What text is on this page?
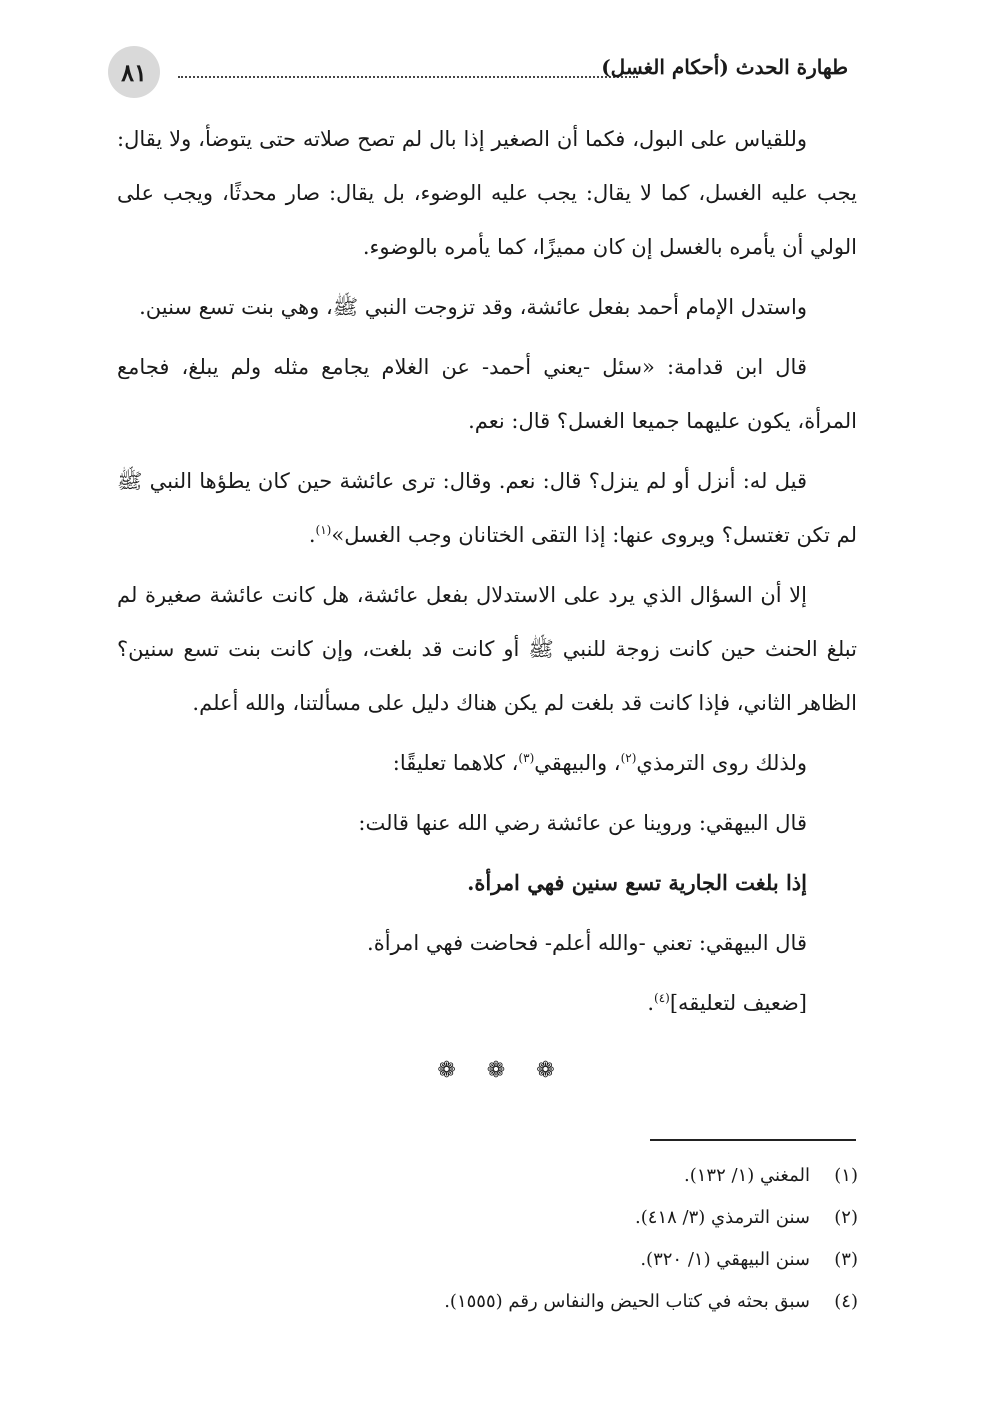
٨١	طهارة الحدث (أحكام الغسل)

وللقياس على البول، فكما أن الصغير إذا بال لم تصح صلاته حتى يتوضأ، ولا يقال: يجب عليه الغسل، كما لا يقال: يجب عليه الوضوء، بل يقال: صار محدثًا، ويجب على الولي أن يأمره بالغسل إن كان مميزًا، كما يأمره بالوضوء.

واستدل الإمام أحمد بفعل عائشة، وقد تزوجت النبي ﷺ، وهي بنت تسع سنين.

قال ابن قدامة: «سئل -يعني أحمد- عن الغلام يجامع مثله ولم يبلغ، فجامع المرأة، يكون عليهما جميعا الغسل؟ قال: نعم.

قيل له: أنزل أو لم ينزل؟ قال: نعم. وقال: ترى عائشة حين كان يطؤها النبي ﷺ لم تكن تغتسل؟ ويروى عنها: إذا التقى الختانان وجب الغسل»$^{(١)}$.

إلا أن السؤال الذي يرد على الاستدلال بفعل عائشة، هل كانت عائشة صغيرة لم تبلغ الحنث حين كانت زوجة للنبي ﷺ أو كانت قد بلغت، وإن كانت بنت تسع سنين؟ الظاهر الثاني، فإذا كانت قد بلغت لم يكن هناك دليل على مسألتنا، والله أعلم.

ولذلك روى الترمذي$^{(٢)}$، والبيهقي$^{(٣)}$، كلاهما تعليقًا:

قال البيهقي: وروينا عن عائشة رضي الله عنها قالت:

إذا بلغت الجارية تسع سنين فهي امرأة.

قال البيهقي: تعني -والله أعلم- فحاضت فهي امرأة.

[ضعيف لتعليقه]$^{(٤)}$.

❁ ❁ ❁
(١)
المغني (١/ ١٣٢).
(٢)
سنن الترمذي (٣/ ٤١٨).
(٣)
سنن البيهقي (١/ ٣٢٠).
(٤)
سبق بحثه في كتاب الحيض والنفاس رقم (١٥٥٥).
